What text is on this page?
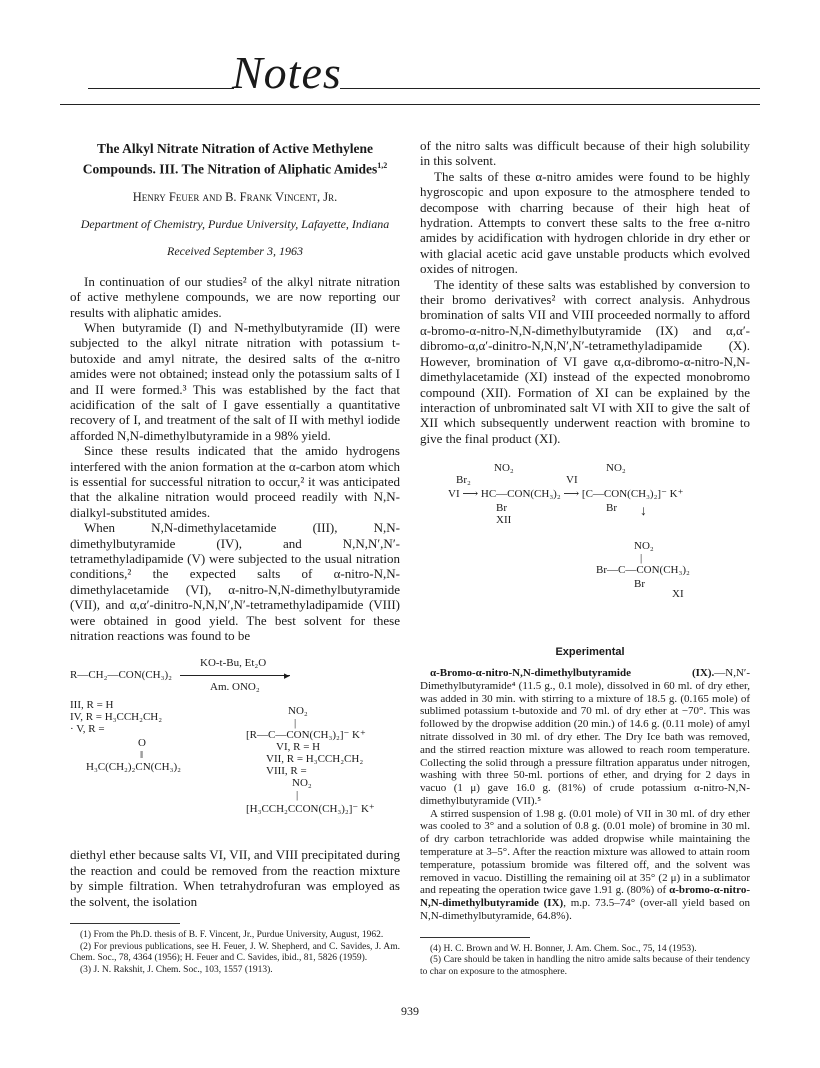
Notes

The Alkyl Nitrate Nitration of Active Methylene Compounds. III. The Nitration of Aliphatic Amides$^{1,2}$

Henry Feuer and B. Frank Vincent, Jr.

Department of Chemistry, Purdue University, Lafayette, Indiana

Received September 3, 1963

In continuation of our studies² of the alkyl nitrate nitration of active methylene compounds, we are now reporting our results with aliphatic amides.

When butyramide (I) and N-methylbutyramide (II) were subjected to the alkyl nitrate nitration with potassium t-butoxide and amyl nitrate, the desired salts of the α-nitro amides were not obtained; instead only the potassium salts of I and II were formed.³ This was established by the fact that acidification of the salt of I gave essentially a quantitative recovery of I, and treatment of the salt of II with methyl iodide afforded N,N-dimethylbutyramide in a 98% yield.

Since these results indicated that the amido hydrogens interfered with the anion formation at the α-carbon atom which is essential for successful nitration to occur,² it was anticipated that the alkaline nitration would proceed readily with N,N-dialkyl-substituted amides.

When N,N-dimethylacetamide (III), N,N-dimethylbutyramide (IV), and N,N,N′,N′-tetramethyladipamide (V) were subjected to the usual nitration conditions,² the expected salts of α-nitro-N,N-dimethylacetamide (VI), α-nitro-N,N-dimethylbutyramide (VII), and α,α′-dinitro-N,N,N′,N′-tetramethyladipamide (VIII) were obtained in good yield. The best solvent for these nitration reactions was found to be

KO-t-Bu, Et₂O
R—CH₂—CON(CH₃)₂	▸
Am. ONO₂
III, R = H
IV, R = H₃CCH₂CH₂
· V, R =
O
‖
H₃C(CH₂)₂CN(CH₃)₂
NO₂
|
[R—C—CON(CH₃)₂]⁻ K⁺
VI, R = H
VII, R = H₃CCH₂CH₂
VIII, R =
NO₂
|
[H₃CCH₂CCON(CH₃)₂]⁻ K⁺

diethyl ether because salts VI, VII, and VIII precipitated during the reaction and could be removed from the reaction mixture by simple filtration. When tetrahydrofuran was employed as the solvent, the isolation

(1) From the Ph.D. thesis of B. F. Vincent, Jr., Purdue University, August, 1962.

(2) For previous publications, see H. Feuer, J. W. Shepherd, and C. Savides, J. Am. Chem. Soc., 78, 4364 (1956); H. Feuer and C. Savides, ibid., 81, 5826 (1959).

(3) J. N. Rakshit, J. Chem. Soc., 103, 1557 (1913).

of the nitro salts was difficult because of their high solubility in this solvent.

The salts of these α-nitro amides were found to be highly hygroscopic and upon exposure to the atmosphere tended to decompose with charring because of their high heat of hydration. Attempts to convert these salts to the free α-nitro amides by acidification with hydrogen chloride in dry ether or with glacial acetic acid gave unstable products which evolved oxides of nitrogen.

The identity of these salts was established by conversion to their bromo derivatives² with correct analysis. Anhydrous bromination of salts VII and VIII proceeded normally to afford α-bromo-α-nitro-N,N-dimethylbutyramide (IX) and α,α′-dibromo-α,α′-dinitro-N,N,N′,N′-tetramethyladipamide (X). However, bromination of VI gave α,α-dibromo-α-nitro-N,N-dimethylacetamide (XI) instead of the expected monobromo compound (XII). Formation of XI can be explained by the interaction of unbrominated salt VI with XII to give the salt of XII which subsequently underwent reaction with bromine to give the final product (XI).

NO₂	NO₂
Br₂	VI
VI ⟶ HC—CON(CH₃)₂ ⟶ [C—CON(CH₃)₂]⁻ K⁺
Br
XII
Br ↓
NO₂
|
Br—C—CON(CH₃)₂
Br
XI

Experimental

α-Bromo-α-nitro-N,N-dimethylbutyramide (IX).—N,N′-Dimethylbutyramide⁴ (11.5 g., 0.1 mole), dissolved in 60 ml. of dry ether, was added in 30 min. with stirring to a mixture of 18.5 g. (0.165 mole) of sublimed potassium t-butoxide and 70 ml. of dry ether at −70°. This was followed by the dropwise addition (20 min.) of 14.6 g. (0.11 mole) of amyl nitrate dissolved in 30 ml. of dry ether. The Dry Ice bath was removed, and the stirred reaction mixture was allowed to reach room temperature. Collecting the solid through a pressure filtration apparatus under nitrogen, washing with three 50-ml. portions of ether, and drying for 2 days in vacuo (1 μ) gave 16.0 g. (81%) of crude potassium α-nitro-N,N-dimethylbutyramide (VII).⁵

A stirred suspension of 1.98 g. (0.01 mole) of VII in 30 ml. of dry ether was cooled to 3° and a solution of 0.8 g. (0.01 mole) of bromine in 30 ml. of dry carbon tetrachloride was added dropwise while maintaining the temperature at 3–5°. After the reaction mixture was allowed to attain room temperature, potassium bromide was filtered off, and the solvent was removed in vacuo. Distilling the remaining oil at 35° (2 μ) in a sublimator and repeating the operation twice gave 1.91 g. (80%) of α-bromo-α-nitro-N,N-dimethylbutyramide (IX), m.p. 73.5–74° (over-all yield based on N,N-dimethylbutyramide, 64.8%).

(4) H. C. Brown and W. H. Bonner, J. Am. Chem. Soc., 75, 14 (1953).

(5) Care should be taken in handling the nitro amide salts because of their tendency to char on exposure to the atmosphere.

939
